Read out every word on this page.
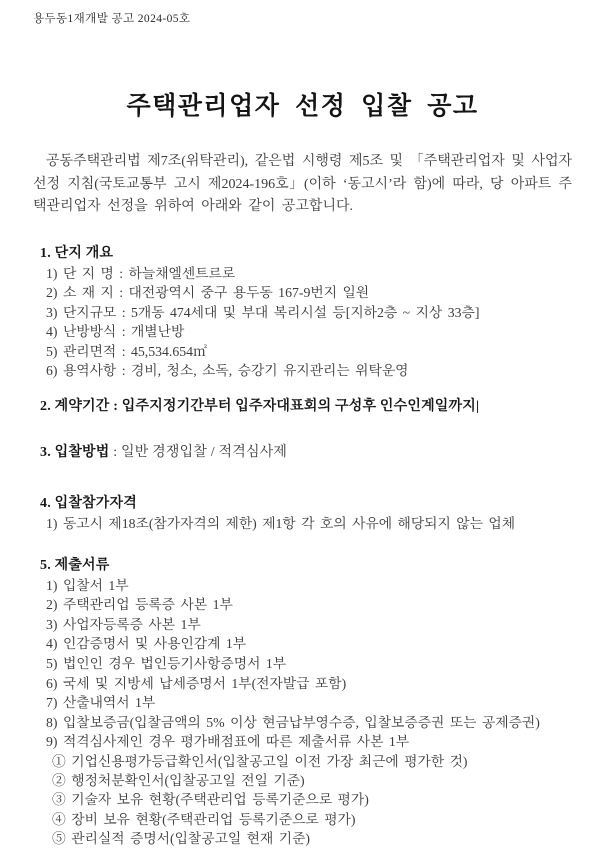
용두동1재개발 공고 2024-05호
주택관리업자 선정 입찰 공고

공동주택관리법 제7조(위탁관리), 같은법 시행령 제5조 및 「주택관리업자 및 사업자 선정 지침(국토교통부 고시 제2024-196호」(이하 ‘동고시’라 함)에 따라, 당 아파트 주택관리업자 선정을 위하여 아래와 같이 공고합니다.

1. 단지 개요
1) 단 지 명 : 하늘채엘센트르로
2) 소 재 지 : 대전광역시 중구 용두동 167-9번지 일원
3) 단지규모 : 5개동 474세대 및 부대 복리시설 등[지하2층 ~ 지상 33층]
4) 난방방식 : 개별난방
5) 관리면적 : 45,534.654㎡
6) 용역사항 : 경비, 청소, 소독, 승강기 유지관리는 위탁운영
2. 계약기간 : 입주지정기간부터 입주자대표회의 구성후 인수인계일까지|
3. 입찰방법 : 일반 경쟁입찰 / 적격심사제
4. 입찰참가자격
1) 동고시 제18조(참가자격의 제한) 제1항 각 호의 사유에 해당되지 않는 업체
5. 제출서류
1) 입찰서 1부
2) 주택관리업 등록증 사본 1부
3) 사업자등록증 사본 1부
4) 인감증명서 및 사용인감계 1부
5) 법인인 경우 법인등기사항증명서 1부
6) 국세 및 지방세 납세증명서 1부(전자발급 포함)
7) 산출내역서 1부
8) 입찰보증금(입찰금액의 5% 이상 현금납부영수증, 입찰보증증권 또는 공제증권)
9) 적격심사제인 경우 평가배점표에 따른 제출서류 사본 1부
① 기업신용평가등급확인서(입찰공고일 이전 가장 최근에 평가한 것)
② 행정처분확인서(입찰공고일 전일 기준)
③ 기술자 보유 현황(주택관리업 등록기준으로 평가)
④ 장비 보유 현황(주택관리업 등록기준으로 평가)
⑤ 관리실적 증명서(입찰공고일 현재 기준)
